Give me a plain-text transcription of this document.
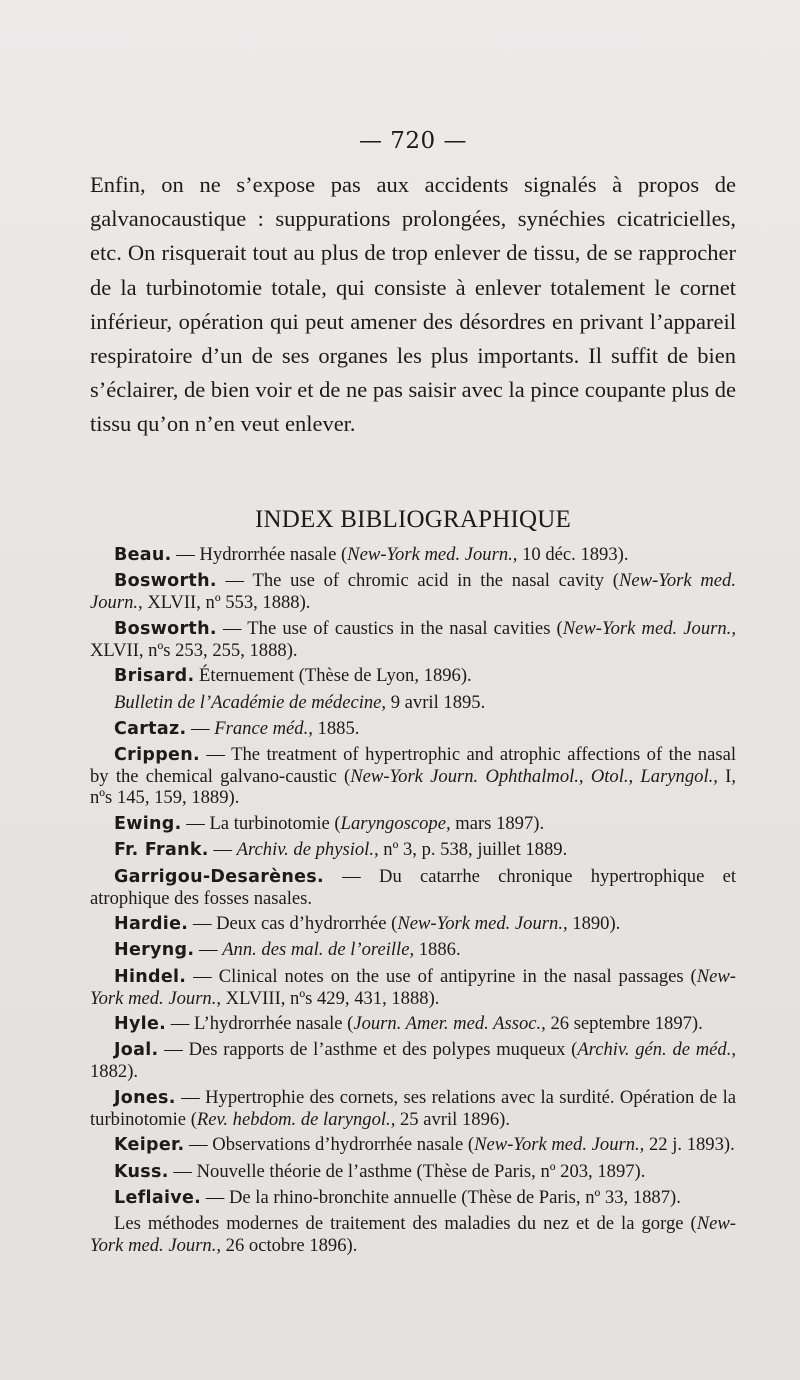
— 720 —

Enfin, on ne s’expose pas aux accidents signalés à propos de galvanocaustique : suppurations prolongées, synéchies cicatricielles, etc. On risquerait tout au plus de trop enlever de tissu, de se rapprocher de la turbinotomie totale, qui consiste à enlever totalement le cornet inférieur, opération qui peut amener des désordres en privant l’appareil respiratoire d’un de ses organes les plus importants. Il suffit de bien s’éclairer, de bien voir et de ne pas saisir avec la pince coupante plus de tissu qu’on n’en veut enlever.

INDEX BIBLIOGRAPHIQUE
Beau. — Hydrorrhée nasale (New-York med. Journ., 10 déc. 1893).
Bosworth. — The use of chromic acid in the nasal cavity (New-York med. Journ., XLVII, nº 553, 1888).
Bosworth. — The use of caustics in the nasal cavities (New-York med. Journ., XLVII, nºs 253, 255, 1888).
Brisard. Éternuement (Thèse de Lyon, 1896).
Bulletin de l’Académie de médecine, 9 avril 1895.
Cartaz. — France méd., 1885.
Crippen. — The treatment of hypertrophic and atrophic affections of the nasal by the chemical galvano-caustic (New-York Journ. Ophthalmol., Otol., Laryngol., I, nºs 145, 159, 1889).
Ewing. — La turbinotomie (Laryngoscope, mars 1897).
Fr. Frank. — Archiv. de physiol., nº 3, p. 538, juillet 1889.
Garrigou-Desarènes. — Du catarrhe chronique hypertrophique et atrophique des fosses nasales.
Hardie. — Deux cas d’hydrorrhée (New-York med. Journ., 1890).
Heryng. — Ann. des mal. de l’oreille, 1886.
Hindel. — Clinical notes on the use of antipyrine in the nasal passages (New-York med. Journ., XLVIII, nºs 429, 431, 1888).
Hyle. — L’hydrorrhée nasale (Journ. Amer. med. Assoc., 26 septembre 1897).
Joal. — Des rapports de l’asthme et des polypes muqueux (Archiv. gén. de méd., 1882).
Jones. — Hypertrophie des cornets, ses relations avec la surdité. Opération de la turbinotomie (Rev. hebdom. de laryngol., 25 avril 1896).
Keiper. — Observations d’hydrorrhée nasale (New-York med. Journ., 22 j. 1893).
Kuss. — Nouvelle théorie de l’asthme (Thèse de Paris, nº 203, 1897).
Leflaive. — De la rhino-bronchite annuelle (Thèse de Paris, nº 33, 1887).
Les méthodes modernes de traitement des maladies du nez et de la gorge (New-York med. Journ., 26 octobre 1896).
